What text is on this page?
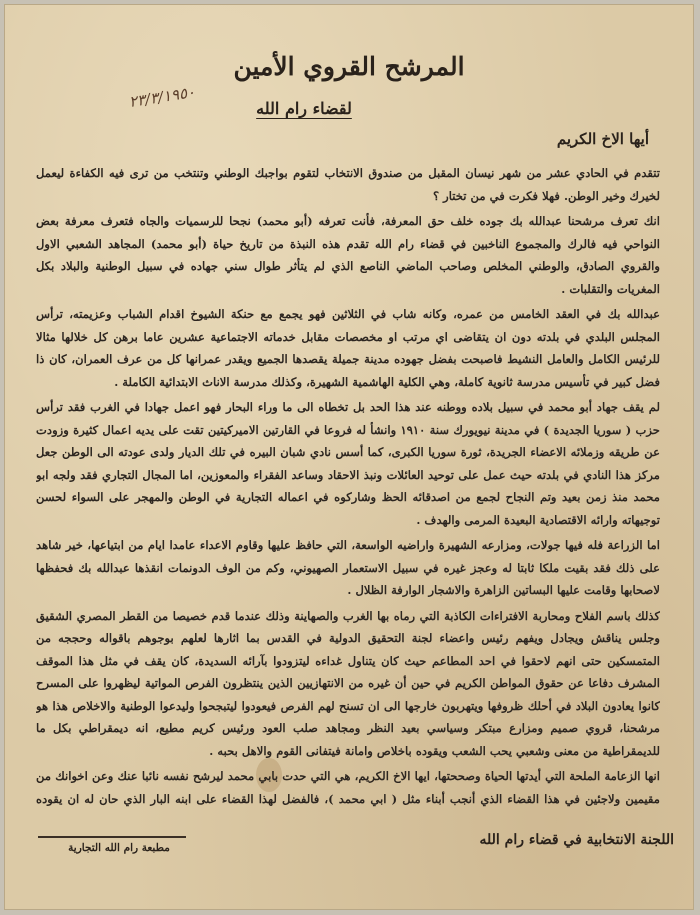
المرشح القروي الأمين
لقضاء رام الله
٢٣/٣/١٩٥٠

أيها الاخ الكريم

تتقدم في الحادي عشر من شهر نيسان المقبل من صندوق الانتخاب لتقوم بواجبك الوطني وتنتخب من ترى فيه الكفاءة ليعمل لخيرك وخير الوطن. فهلا فكرت في من تختار ؟

انك تعرف مرشحنا عبدالله بك جوده خلف حق المعرفة، فأنت تعرفه (أبو محمد) نجحا للرسميات والجاه فتعرف معرفة بعض النواحي فيه فالرك والمجموع الناخبين في قضاء رام الله تقدم هذه النبذة من تاريخ حياة (أبو محمد) المجاهد الشعبي الاول والقروي الصادق، والوطني المخلص وصاحب الماضي الناصع الذي لم يتأثر طوال سني جهاده في سبيل الوطنية والبلاد بكل المغريات والتقلبات .

عبدالله بك في العقد الخامس من عمره، وكانه شاب في الثلاثين فهو يجمع مع حنكة الشيوخ اقدام الشباب وعزيمته، ترأس المجلس البلدي في بلدته دون ان يتقاضى اي مرتب او مخصصات مقابل خدماته الاجتماعية عشرين عاما برهن كل خلالها مثالا للرئيس الكامل والعامل النشيط فاصبحت بفضل جهوده مدينة جميلة يقصدها الجميع ويقدر عمرانها كل من عرف العمران، كان ذا فضل كبير في تأسيس مدرسة ثانوية كاملة، وهي الكلية الهاشمية الشهيرة، وكذلك مدرسة الاناث الابتدائية الكاملة .

لم يقف جهاد أبو محمد في سبيل بلاده ووطنه عند هذا الحد بل تخطاه الى ما وراء البحار فهو اعمل جهادا في الغرب فقد ترأس حزب ( سوريا الجديدة ) في مدينة نيويورك سنة ١٩١٠ وانشأ له فروعا في القارتين الاميركيتين تقت على يديه اعمال كثيرة وزودت عن طريقه وزملائه الاعضاء الجريدة، ثورة سوريا الكبرى، كما أسس نادي شبان البيره في تلك الديار ولدى عودته الى الوطن جعل مركز هذا النادي في بلدته حيث عمل على توحيد العائلات ونبذ الاحقاد وساعد الفقراء والمعوزين، اما المجال التجاري فقد ولجه ابو محمد منذ زمن بعيد وتم النجاح لجمع من اصدقائه الحظ وشاركوه في اعماله التجارية في الوطن والمهجر على السواء لحسن توجيهاته وارائه الاقتصادية البعيدة المرمى والهدف .

اما الزراعة فله فيها جولات، ومزارعه الشهيرة واراضيه الواسعة، التي حافظ عليها وقاوم الاعداء عامدا ايام من ابتياعها، خير شاهد على ذلك فقد بقيت ملكا ثابتا له وعجز غيره في سبيل الاستعمار الصهيوني، وكم من الوف الدونمات انقذها عبدالله بك فحفظها لاصحابها وقامت عليها البساتين الزاهرة والاشجار الوارفة الظلال .

كذلك باسم الفلاح ومحاربة الافتراءات الكاذبة التي رماه بها الغرب والصهاينة وذلك عندما قدم خصيصا من القطر المصري الشقيق وجلس يناقش ويجادل ويفهم رئيس واعضاء لجنة التحقيق الدولية في القدس بما اثارها لعلهم بوجوهم باقواله وحججه من المتمسكين حتى انهم لاحقوا في احد المطاعم حيث كان يتناول غداءه ليتزودوا بآرائه السديدة، كان يقف في مثل هذا الموقف المشرف دفاعا عن حقوق المواطن الكريم في حين أن غيره من الانتهازيين الذين ينتظرون الفرص المواتية ليظهروا على المسرح كانوا يعادون البلاد في أحلك ظروفها ويتهربون خارجها الى ان تسنح لهم الفرص فيعودوا ليتبجحوا وليدعوا الوطنية والاخلاص هذا هو مرشحنا، قروي صميم ومزارع مبتكر وسياسي بعيد النظر ومجاهد صلب العود ورئيس كريم مطيع، انه ديمقراطي بكل ما للديمقراطية من معنى وشعبي يحب الشعب ويقوده باخلاص وامانة فيتفانى القوم والاهل بحبه .

انها الزعامة الملحة التي أيدتها الحياة وصححتها، ايها الاخ الكريم، هي التي حدت بابي محمد ليرشح نفسه نائبا عنك وعن اخوانك من مقيمين ولاجئين في هذا القضاء الذي أنجب أبناء مثل ( ابي محمد )، فالفضل لهذا القضاء على ابنه البار الذي حان له ان يقوده

مطبعة رام الله التجارية	اللجنة الانتخابية في قضاء رام الله
